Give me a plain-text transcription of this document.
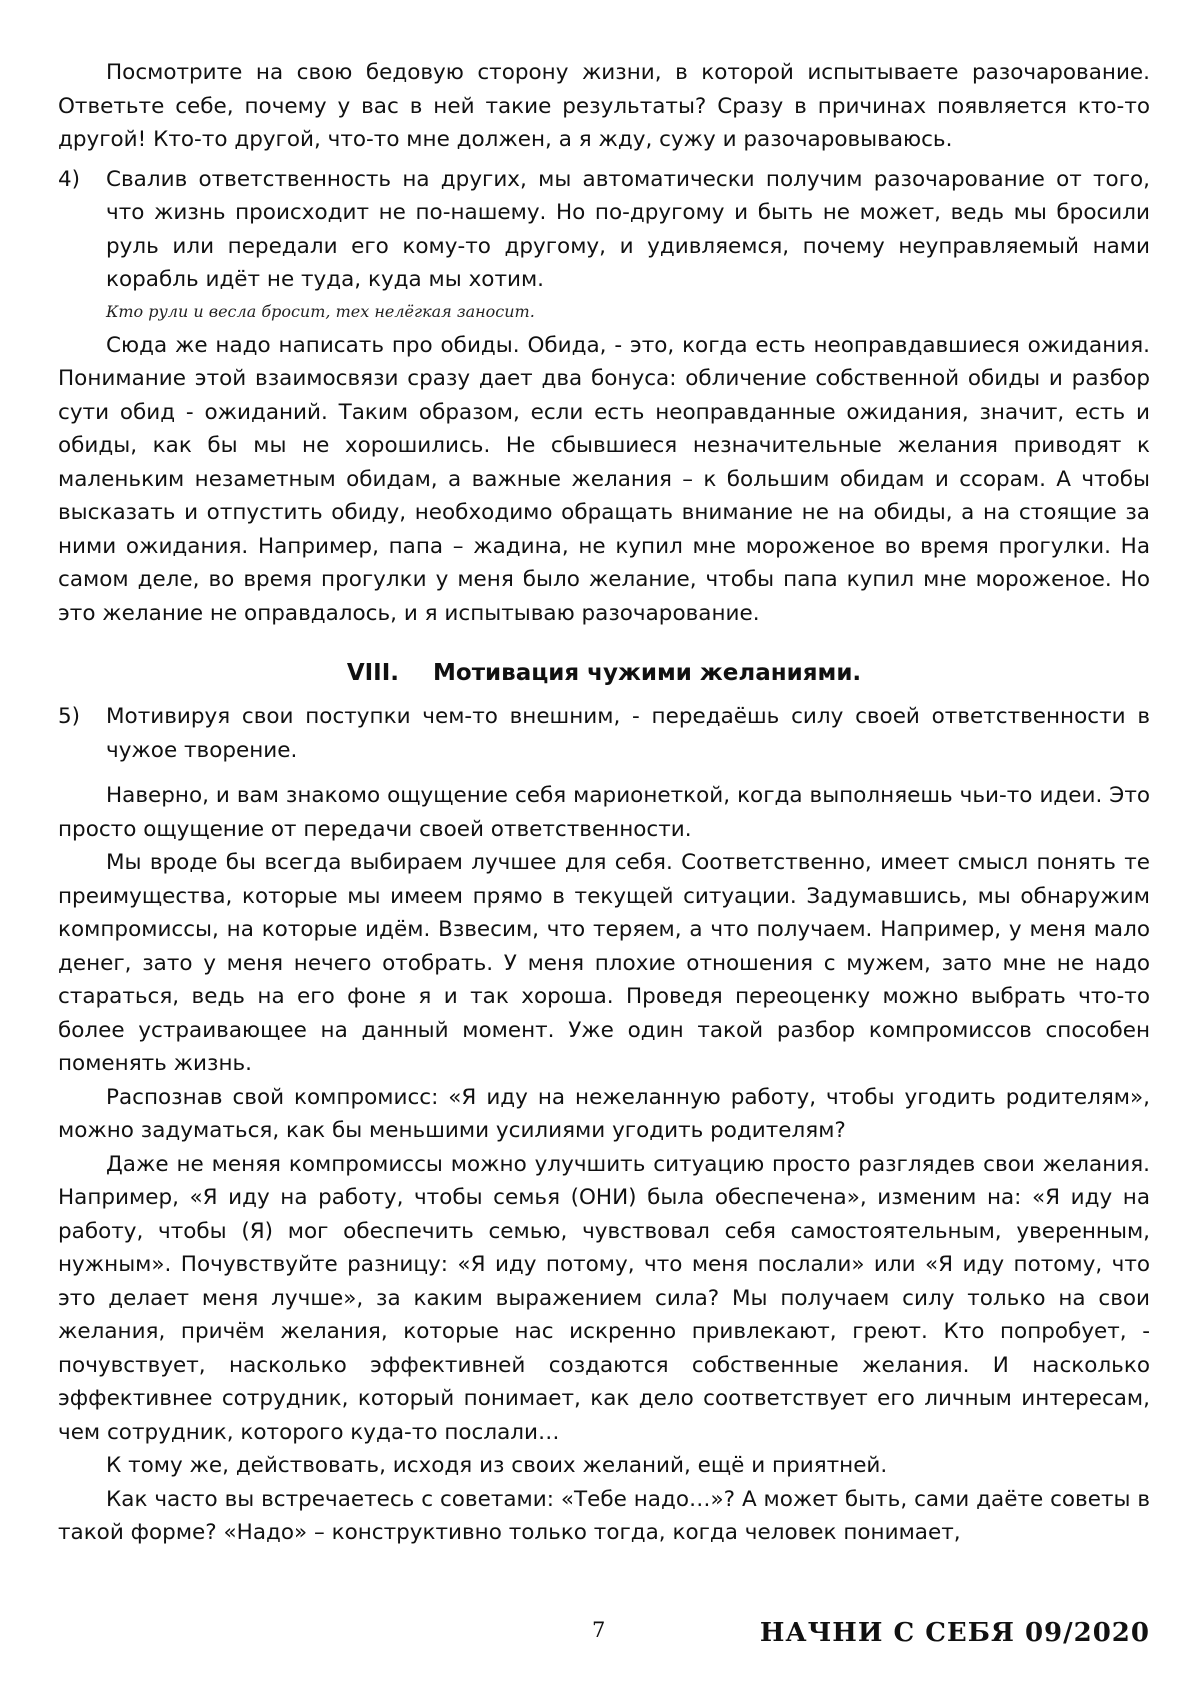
Посмотрите на свою бедовую сторону жизни, в которой испытываете разочарование. Ответьте себе, почему у вас в ней такие результаты? Сразу в причинах появляется кто-то другой! Кто-то другой, что-то мне должен, а я жду, сужу и разочаровываюсь.

4) Свалив ответственность на других, мы автоматически получим разочарование от того, что жизнь происходит не по-нашему. Но по-другому и быть не может, ведь мы бросили руль или передали его кому-то другому, и удивляемся, почему неуправляемый нами корабль идёт не туда, куда мы хотим.

Кто рули и весла бросит, тех нелёгкая заносит.

Сюда же надо написать про обиды. Обида, - это, когда есть неоправдавшиеся ожидания. Понимание этой взаимосвязи сразу дает два бонуса: обличение собственной обиды и разбор сути обид - ожиданий. Таким образом, если есть неоправданные ожидания, значит, есть и обиды, как бы мы не хорошились. Не сбывшиеся незначительные желания приводят к маленьким незаметным обидам, а важные желания – к большим обидам и ссорам. А чтобы высказать и отпустить обиду, необходимо обращать внимание не на обиды, а на стоящие за ними ожидания. Например, папа – жадина, не купил мне мороженое во время прогулки. На самом деле, во время прогулки у меня было желание, чтобы папа купил мне мороженое. Но это желание не оправдалось, и я испытываю разочарование.

VIII. Мотивация чужими желаниями.

5) Мотивируя свои поступки чем-то внешним, - передаёшь силу своей ответственности в чужое творение.

Наверно, и вам знакомо ощущение себя марионеткой, когда выполняешь чьи-то идеи. Это просто ощущение от передачи своей ответственности.

Мы вроде бы всегда выбираем лучшее для себя. Соответственно, имеет смысл понять те преимущества, которые мы имеем прямо в текущей ситуации. Задумавшись, мы обнаружим компромиссы, на которые идём. Взвесим, что теряем, а что получаем. Например, у меня мало денег, зато у меня нечего отобрать. У меня плохие отношения с мужем, зато мне не надо стараться, ведь на его фоне я и так хороша. Проведя переоценку можно выбрать что-то более устраивающее на данный момент. Уже один такой разбор компромиссов способен поменять жизнь.

Распознав свой компромисс: «Я иду на нежеланную работу, чтобы угодить родителям», можно задуматься, как бы меньшими усилиями угодить родителям?

Даже не меняя компромиссы можно улучшить ситуацию просто разглядев свои желания. Например, «Я иду на работу, чтобы семья (ОНИ) была обеспечена», изменим на: «Я иду на работу, чтобы (Я) мог обеспечить семью, чувствовал себя самостоятельным, уверенным, нужным». Почувствуйте разницу: «Я иду потому, что меня послали» или «Я иду потому, что это делает меня лучше», за каким выражением сила? Мы получаем силу только на свои желания, причём желания, которые нас искренно привлекают, греют. Кто попробует, - почувствует, насколько эффективней создаются собственные желания. И насколько эффективнее сотрудник, который понимает, как дело соответствует его личным интересам, чем сотрудник, которого куда-то послали…

К тому же, действовать, исходя из своих желаний, ещё и приятней.

Как часто вы встречаетесь с советами: «Тебе надо…»? А может быть, сами даёте советы в такой форме? «Надо» – конструктивно только тогда, когда человек понимает,

7	НАЧНИ С СЕБЯ 09/2020
